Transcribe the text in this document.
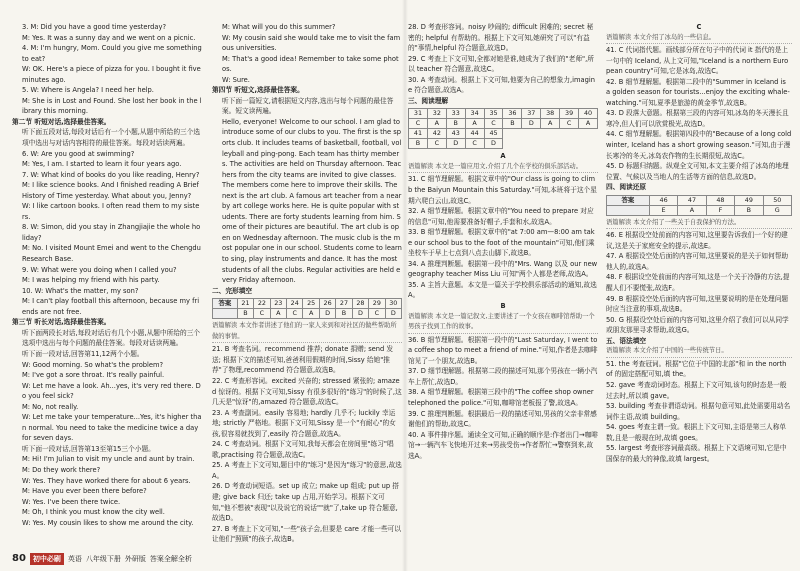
3. M: Did you have a good time yesterday?
M: Yes. It was a sunny day and we went on a picnic.
4. M: I'm hungry, Mom. Could you give me something to eat?
W: OK. Here's a piece of pizza for you. I bought it five minutes ago.
5. W: Where is Angela? I need her help.
M: She is in Lost and Found. She lost her book in the library this morning.
第二节 听短对话,选择最佳答案。
听下面五段对话,每段对话后有一个小题,从题中所给的三个选项中选出与对话内容相符的最佳答案。每段对话读两遍。
6. W: Are you good at swimming?
M: Yes, I am. I started to learn it four years ago.
7. W: What kind of books do you like reading, Henry?
M: I like science books. And I finished reading A Brief History of Time yesterday. What about you, Jenny?
W: I like cartoon books. I often read them to my sisters.
8. W: Simon, did you stay in Zhangjiajie the whole holiday?
M: No. I visited Mount Emei and went to the Chengdu Research Base.
9. W: What were you doing when I called you?
M: I was helping my friend with his party.
10. W: What's the matter, my son?
M: I can't play football this afternoon, because my friends are not free.
第三节 听长对话,选择最佳答案。
听下面两段长对话,每段对话后有几个小题,从题中所给的三个选项中选出与每个问题的最佳答案。每段对话读两遍。
听下面一段对话,回答第11,12两个小题。
W: Good morning. So what's the problem?
M: I've got a sore throat. It's really painful.
W: Let me have a look. Ah...yes, it's very red there. Do you feel sick?
M: No, not really.
W: Let me take your temperature...Yes, it's higher than normal. You need to take the medicine twice a day for seven days.
听下面一段对话,回答第13至第15三个小题。
M: Hi! I'm Julian to visit my uncle and aunt by train.
M: Do they work there?
W: Yes. They have worked there for about 6 years.
M: Have you ever been there before?
W: Yes. I've been there twice.
M: Oh, I think you must know the city well.
W: Yes. My cousin likes to show me around the city.
M: What will you do this summer?
W: My cousin said she would take me to visit the famous universities.
M: That's a good idea! Remember to take some photos.
W: Sure.
第四节 听短文,选择最佳答案。
听下面一篇短文,请根据短文内容,选出与每个问题的最佳答案。短文读两遍。
Hello, everyone! Welcome to our school. I am glad to introduce some of our clubs to you. The first is the sports club. It includes teams of basketball, football, volleyball and ping-pong. Each team has thirty members. The activities are held on Thursday afternoon. Teachers from the city teams are invited to give classes. The members come here to improve their skills. The next is the art club. A famous art teacher from a nearby art college works here. He is quite popular with students. There are forty students learning from him. Some of their pictures are beautiful. The art club is open on Wednesday afternoon. The music club is the most popular one in our school. Students come to learn to sing, play instruments and dance. It has the most students of all the clubs. Regular activities are held every Friday afternoon.
二、完形填空
答案	21	22	23	24	25	26	27	28	29	30
	B	C	A	C	A	D	B	D	C	D
语篇解读 本文作者讲述了他们的一家人来到和对社区的做些帮助所做的事情。
21. B 考查名词。recommend 推荐; donate 捐赠; send 发送; 根据下文的描述可知,爸爸利用假期的时间,Sissy 给她"推荐"了物理,recommend 符合题意,故选B。
22. C 考查形容词。excited 兴奋的; stressed 紧张的; amazed 惊讶的。根据下文可知,Sissy 有很多很好的"练习"的时候了,这几天是"惊讶"的,amazed 符合题意,故选C。
23. A 考查副词。easily 容易地; hardly 几乎不; luckily 幸运地; strictly 严格地。根据下文可知,Sissy 是一个"有耐心"的女孩,很容易就找到了,easily 符合题意,故选A。
24. C 考查动词。根据下文可知,我每天都会在房间里"练习"唱歌,practising 符合题意,故选C。
25. A 考查上下文可知,题目中的"练习"是因为"练习"的意思,故选A。
26. D 考查动词短语。set up 成立; make up 组成; put up 搭建; give back 归还; take up 占用,开始学习。根据下文可知,"他不想被"表现"以及说它的说话""就"了,take up 符合题意,故选D。
27. B 考查上下文可知,"一些"孩子会,但要是 care 才能一些可以让他们"照顾"的孩子,故选B。
28. D 考查形容词。noisy 吵闹的; difficult 困难的; secret 秘密的; helpful 有帮助的。根据上下文可知,她研究了可以"有益的"事情,helpful 符合题意,故选D。
29. C 考查上下文可知,全都对她是谁,她成为了我们的"老师",所以 teacher 符合题意,故选C。
30. A 考查动词。根据上下文可知,他要为自己的想象力,imagine 符合题意,故选A。
三、阅读理解
31	32	33	34	35	36	37	38	39	40
C	A	B	A	C	B	D	A	C	A
41	42	43	44	45					
B	C	D	C	D					
A
语篇解读 本文是一篇应用文,介绍了几个在学校的俱乐部活动。
31. C 细节理解题。根据文章中的"Our class is going to climb the Baiyun Mountain this Saturday."可知,本班将于这个星期六爬白云山,故选C。
32. A 细节理解题。根据文章中的"You need to prepare 对应的信息"可知,他需要准备好帽子,手套和水,故选A。
33. B 细节理解题。根据文章中的"at 7:00 am—8:00 am take our school bus to the foot of the mountain"可知,他们乘坐校车于早上七点到八点去山脚下,故选B。
34. A 推理判断题。根据第一段中的"Mrs. Wang 以及 our new geography teacher Miss Liu 可知"两个人都是老师,故选A。
35. A 主旨大意题。本文是一篇关于学校俱乐部活动的通知,故选A。
B
语篇解读 本文是一篇记叙文,主要讲述了一个女孩在咖啡馆帮助一个男孩子找到工作的故事。
36. B 细节理解题。根据第一段中的"Last Saturday, I went to a coffee shop to meet a friend of mine."可知,作者是去咖啡馆见了一个朋友,故选B。
37. D 细节理解题。根据第二段的描述可知,那个男孩在一辆小汽车上帮忙,故选D。
38. A 细节理解题。根据第三段中的"The coffee shop owner telephoned the police."可知,咖啡馆老板报了警,故选A。
39. C 推理判断题。根据最后一段的描述可知,男孩的父亲非常感谢他们的帮助,故选C。
40. A 事件排序题。通读全文可知,正确的顺序是:作者出门→咖啡馆→一辆汽车飞快地开过来→男孩受伤→作者帮忙→警察到来,故选A。
C
语篇解读 本文介绍了冰岛的一些信息。
41. C 代词指代题。画线部分所在句子中的代词 it 指代的是上一句中的 Iceland, 从上文可知,"Iceland is a northern European country"可知,它是冰岛,故选C。
42. B 细节理解题。根据第二段中的"Summer in Iceland is a golden season for tourists...enjoy the exciting whale-watching."可知,夏季是旅游的黄金季节,故选B。
43. D 段落大意题。根据第三段的内容可知,冰岛的冬天漫长且寒冷,但人们可以欣赏极光,故选D。
44. C 细节理解题。根据第四段中的"Because of a long cold winter, Iceland has a short growing season."可知,由于漫长寒冷的冬天,冰岛农作物的生长期很短,故选C。
45. D 标题归纳题。纵观全文可知,本文主要介绍了冰岛的地理位置、气候以及当地人的生活等方面的信息,故选D。
四、阅读还原
答案	46	47	48	49	50
	E	A	F	B	G
语篇解读 本文介绍了一些关于自我保护的方法。
46. E 根据设空处前面的内容可知,这里要告诉我们一个好的建议,这是关于家庭安全的提示,故选E。
47. A 根据设空处后面的内容可知,这里要说的是关于如何帮助他人的,故选A。
48. F 根据设空处前面的内容可知,这是一个关于冷静的方法,提醒人们不要慌张,故选F。
49. B 根据设空处后面的内容可知,这里要说明的是在处理问题时应当注意的事项,故选B。
50. G 根据设空处后面的内容可知,这里介绍了我们可以从同学或朋友那里寻求帮助,故选G。
五、语法填空
语篇解读 本文介绍了中国的一些传统节日。
51. the 考查冠词。根据"它位于中国的北部"和 in the north of 的固定搭配可知,填 the。
52. gave 考查动词时态。根据上下文可知,该句的时态是一般过去时,所以填 gave。
53. building 考查非谓语动词。根据句意可知,此处需要用动名词作主语,故填 building。
54. goes 考查主谓一致。根据上下文可知,主语是第三人称单数,且是一般现在时,故填 goes。
55. largest 考查形容词最高级。根据上下文语境可知,它是中国保存的最大的神像,故填 largest。
80	初中必刷	英语 八年级下册 外研版 答案全解全析
